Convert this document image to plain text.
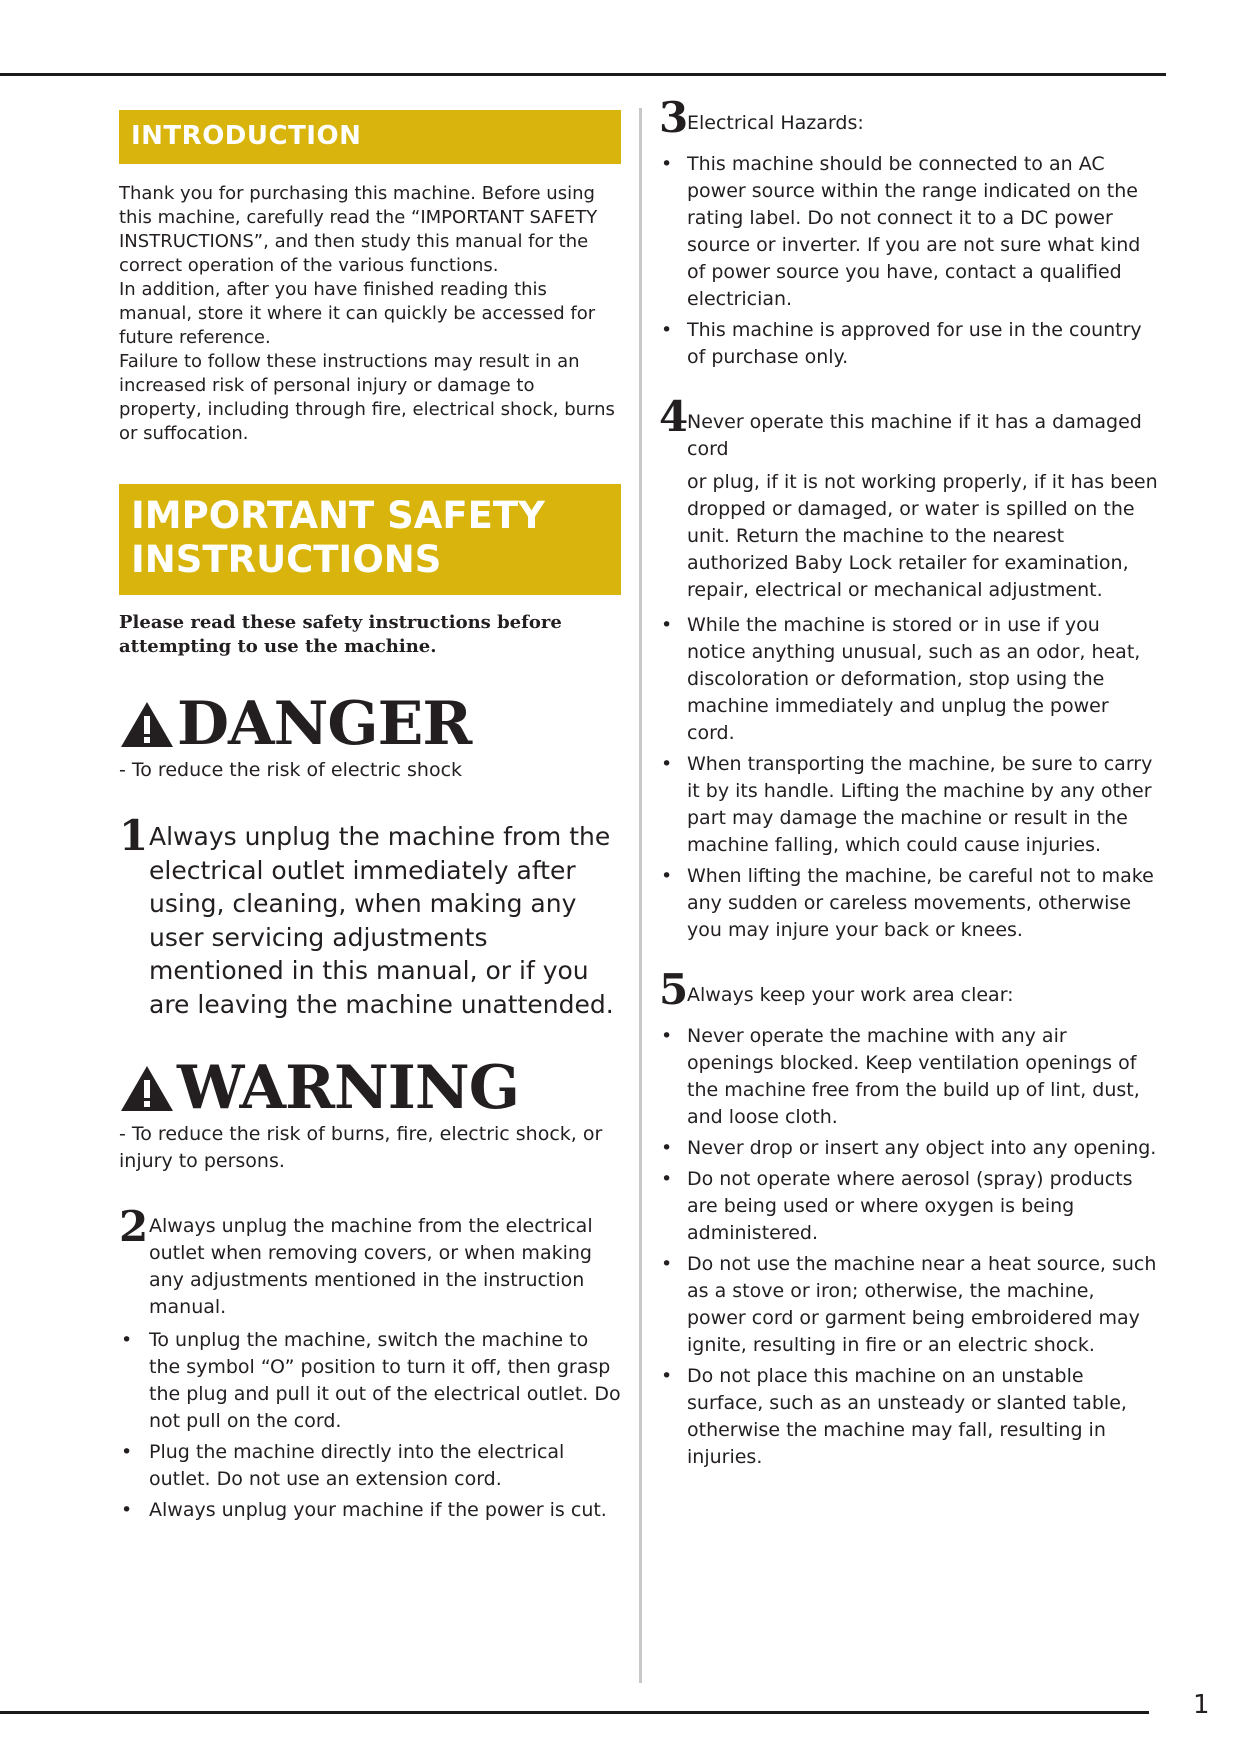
INTRODUCTION

Thank you for purchasing this machine. Before using this machine, carefully read the “IMPORTANT SAFETY INSTRUCTIONS”, and then study this manual for the correct operation of the various functions.

In addition, after you have finished reading this manual, store it where it can quickly be accessed for future reference.

Failure to follow these instructions may result in an increased risk of personal injury or damage to property, including through fire, electrical shock, burns or suffocation.

IMPORTANT SAFETY
INSTRUCTIONS
Please read these safety instructions before attempting to use the machine.
DANGER
- To reduce the risk of electric shock
1 Always unplug the machine from the
electrical outlet immediately after using, cleaning, when making any user servicing adjustments mentioned in this manual, or if you are leaving the machine unattended.
WARNING
- To reduce the risk of burns, fire, electric shock, or injury to persons.
2 Always unplug the machine from the electrical
outlet when removing covers, or when making any adjustments mentioned in the instruction manual.
• To unplug the machine, switch the machine to the symbol “O” position to turn it off, then grasp the plug and pull it out of the electrical outlet. Do not pull on the cord.
• Plug the machine directly into the electrical outlet. Do not use an extension cord.
• Always unplug your machine if the power is cut.
3
Electrical Hazards:
• This machine should be connected to an AC power source within the range indicated on the rating label. Do not connect it to a DC power source or inverter. If you are not sure what kind of power source you have, contact a qualified electrician.
• This machine is approved for use in the country of purchase only.
4
Never operate this machine if it has a damaged cord
or plug, if it is not working properly, if it has been dropped or damaged, or water is spilled on the unit. Return the machine to the nearest authorized Baby Lock retailer for examination, repair, electrical or mechanical adjustment.
• While the machine is stored or in use if you notice anything unusual, such as an odor, heat, discoloration or deformation, stop using the machine immediately and unplug the power cord.
• When transporting the machine, be sure to carry it by its handle. Lifting the machine by any other part may damage the machine or result in the machine falling, which could cause injuries.
• When lifting the machine, be careful not to make any sudden or careless movements, otherwise you may injure your back or knees.
5
Always keep your work area clear:
• Never operate the machine with any air openings blocked. Keep ventilation openings of the machine free from the build up of lint, dust, and loose cloth.
• Never drop or insert any object into any opening.
• Do not operate where aerosol (spray) products are being used or where oxygen is being administered.
• Do not use the machine near a heat source, such as a stove or iron; otherwise, the machine, power cord or garment being embroidered may ignite, resulting in fire or an electric shock.
• Do not place this machine on an unstable surface, such as an unsteady or slanted table, otherwise the machine may fall, resulting in injuries.
1
